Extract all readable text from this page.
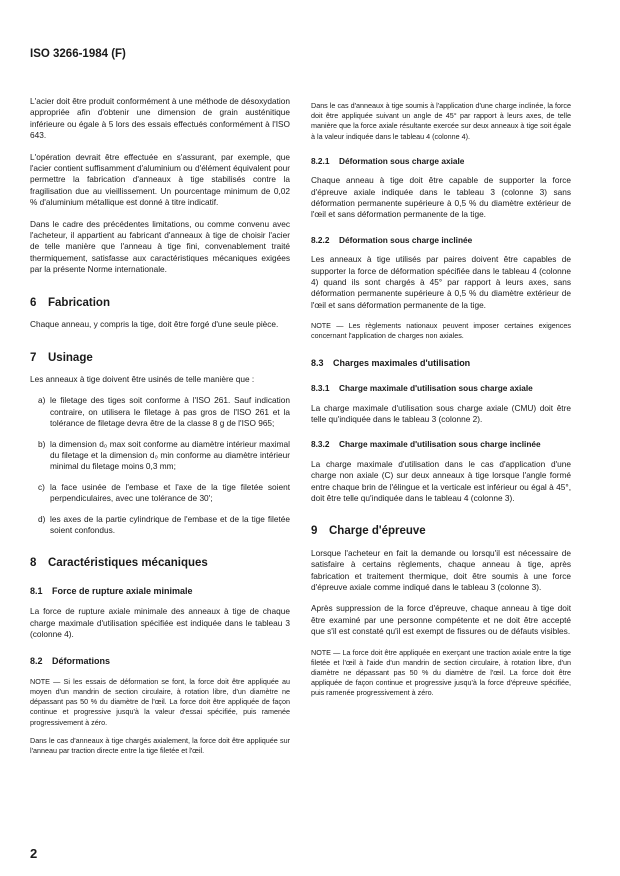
ISO 3266-1984 (F)

L'acier doit être produit conformément à une méthode de désoxydation appropriée afin d'obtenir une dimension de grain austénitique inférieure ou égale à 5 lors des essais effectués conformément à l'ISO 643.

L'opération devrait être effectuée en s'assurant, par exemple, que l'acier contient suffisamment d'aluminium ou d'élément équivalent pour permettre la fabrication d'anneaux à tige stabilisés contre la fragilisation due au vieillissement. Un pourcentage minimum de 0,02 % d'aluminium métallique est donné à titre indicatif.

Dans le cadre des précédentes limitations, ou comme convenu avec l'acheteur, il appartient au fabricant d'anneaux à tige de choisir l'acier de telle manière que l'anneau à tige fini, convenablement traité thermiquement, satisfasse aux caractéristiques mécaniques exigées par la présente Norme internationale.

6 Fabrication

Chaque anneau, y compris la tige, doit être forgé d'une seule pièce.

7 Usinage

Les anneaux à tige doivent être usinés de telle manière que :

a) le filetage des tiges soit conforme à l'ISO 261. Sauf indication contraire, on utilisera le filetage à pas gros de l'ISO 261 et la tolérance de filetage devra être de la classe 8 g de l'ISO 965;
b) la dimension d₀ max soit conforme au diamètre intérieur maximal du filetage et la dimension d₀ min conforme au diamètre intérieur minimal du filetage moins 0,3 mm;
c) la face usinée de l'embase et l'axe de la tige filetée soient perpendiculaires, avec une tolérance de 30';
d) les axes de la partie cylindrique de l'embase et de la tige filetée soient confondus.
8 Caractéristiques mécaniques
8.1 Force de rupture axiale minimale

La force de rupture axiale minimale des anneaux à tige de chaque charge maximale d'utilisation spécifiée est indiquée dans le tableau 3 (colonne 4).

8.2 Déformations

NOTE — Si les essais de déformation se font, la force doit être appliquée au moyen d'un mandrin de section circulaire, à rotation libre, d'un diamètre ne dépassant pas 50 % du diamètre de l'œil. La force doit être appliquée de façon continue et progressive jusqu'à la valeur d'essai spécifiée, puis ramenée progressivement à zéro.

Dans le cas d'anneaux à tige chargés axialement, la force doit être appliquée sur l'anneau par traction directe entre la tige filetée et l'œil.

Dans le cas d'anneaux à tige soumis à l'application d'une charge inclinée, la force doit être appliquée suivant un angle de 45° par rapport à leurs axes, de telle manière que la force axiale résultante exercée sur deux anneaux à tige soit égale à la valeur indiquée dans le tableau 4 (colonne 4).

8.2.1 Déformation sous charge axiale

Chaque anneau à tige doit être capable de supporter la force d'épreuve axiale indiquée dans le tableau 3 (colonne 3) sans déformation permanente supérieure à 0,5 % du diamètre extérieur de l'œil et sans déformation permanente de la tige.

8.2.2 Déformation sous charge inclinée

Les anneaux à tige utilisés par paires doivent être capables de supporter la force de déformation spécifiée dans le tableau 4 (colonne 4) quand ils sont chargés à 45° par rapport à leurs axes, sans déformation permanente supérieure à 0,5 % du diamètre extérieur de l'œil et sans déformation permanente de la tige.

NOTE — Les règlements nationaux peuvent imposer certaines exigences concernant l'application de charges non axiales.

8.3 Charges maximales d'utilisation
8.3.1 Charge maximale d'utilisation sous charge axiale

La charge maximale d'utilisation sous charge axiale (CMU) doit être telle qu'indiquée dans le tableau 3 (colonne 2).

8.3.2 Charge maximale d'utilisation sous charge inclinée

La charge maximale d'utilisation dans le cas d'application d'une charge non axiale (C) sur deux anneaux à tige lorsque l'angle formé entre chaque brin de l'élingue et la verticale est inférieur ou égal à 45°, doit être telle qu'indiquée dans le tableau 4 (colonne 3).

9 Charge d'épreuve

Lorsque l'acheteur en fait la demande ou lorsqu'il est nécessaire de satisfaire à certains règlements, chaque anneau à tige, après fabrication et traitement thermique, doit être soumis à une force d'épreuve axiale comme indiqué dans le tableau 3 (colonne 3).

Après suppression de la force d'épreuve, chaque anneau à tige doit être examiné par une personne compétente et ne doit être accepté que s'il est constaté qu'il est exempt de fissures ou de défauts visibles.

NOTE — La force doit être appliquée en exerçant une traction axiale entre la tige filetée et l'œil à l'aide d'un mandrin de section circulaire, à rotation libre, d'un diamètre ne dépassant pas 50 % du diamètre de l'œil. La force doit être appliquée de façon continue et progressive jusqu'à la force d'épreuve spécifiée, puis ramenée progressivement à zéro.

2
